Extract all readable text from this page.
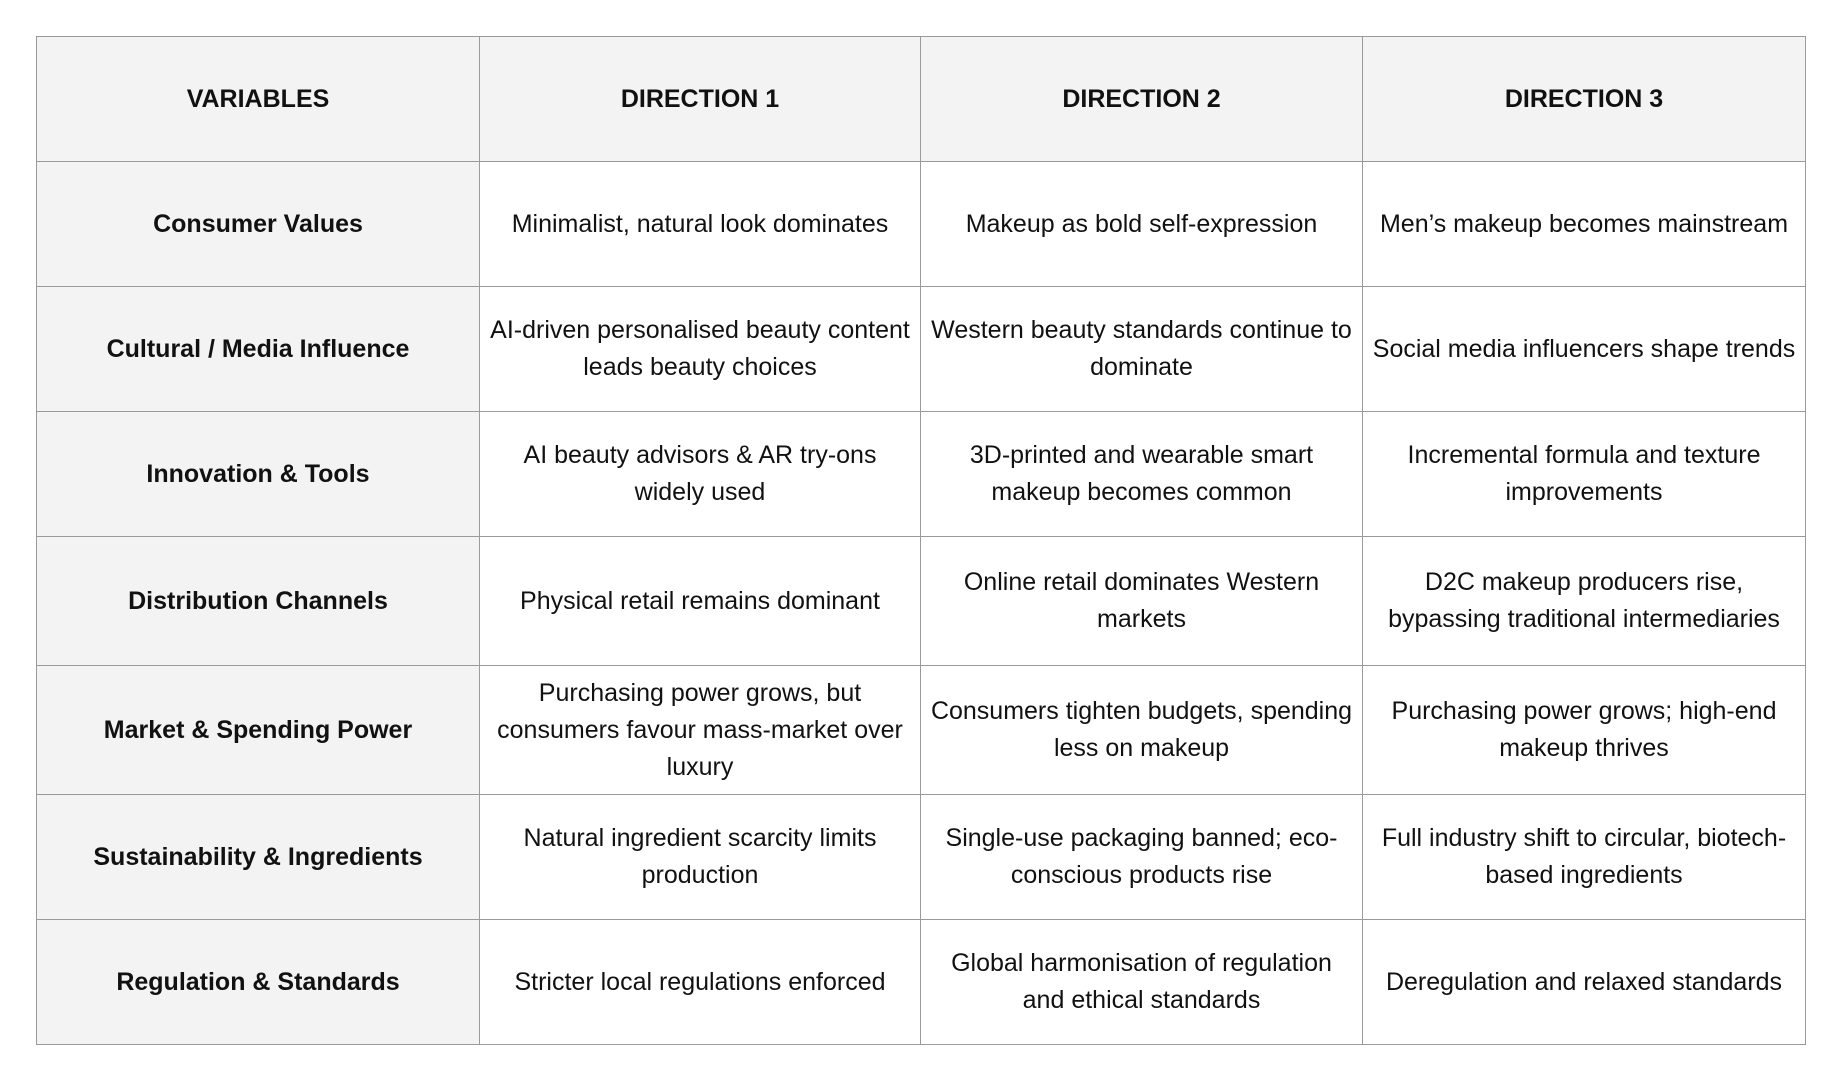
VARIABLES	DIRECTION 1	DIRECTION 2	DIRECTION 3
Consumer Values	Minimalist, natural look dominates	Makeup as bold self-expression	Men’s makeup becomes mainstream
Cultural / Media Influence	AI-driven personalised beauty content leads beauty choices	Western beauty standards continue to dominate	Social media influencers shape trends
Innovation & Tools	AI beauty advisors & AR try-ons widely used	3D-printed and wearable smart makeup becomes common	Incremental formula and texture improvements
Distribution Channels	Physical retail remains dominant	Online retail dominates Western markets	D2C makeup producers rise, bypassing traditional intermediaries
Market & Spending Power	Purchasing power grows, but consumers favour mass-market over luxury	Consumers tighten budgets, spending less on makeup	Purchasing power grows; high-end makeup thrives
Sustainability & Ingredients	Natural ingredient scarcity limits production	Single-use packaging banned; eco-conscious products rise	Full industry shift to circular, biotech-based ingredients
Regulation & Standards	Stricter local regulations enforced	Global harmonisation of regulation and ethical standards	Deregulation and relaxed standards
